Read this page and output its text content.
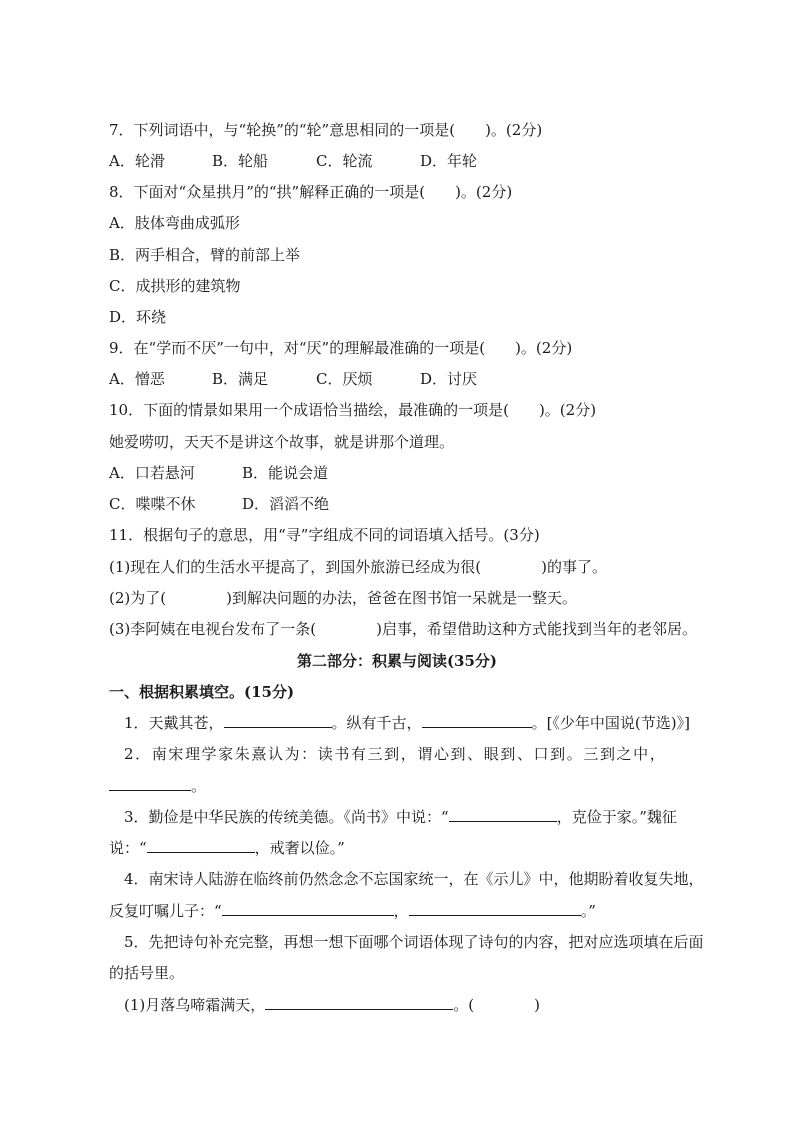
7．下列词语中，与“轮换”的“轮”意思相同的一项是(　　)。(2分)
A．轮滑	B．轮船	C．轮流	D．年轮
8．下面对“众星拱月”的“拱”解释正确的一项是(　　)。(2分)
A．肢体弯曲成弧形
B．两手相合，臂的前部上举
C．成拱形的建筑物
D．环绕
9．在“学而不厌”一句中，对“厌”的理解最准确的一项是(　　)。(2分)
A．憎恶	B．满足	C．厌烦	D．讨厌
10．下面的情景如果用一个成语恰当描绘，最准确的一项是(　　)。(2分)
她爱唠叨，天天不是讲这个故事，就是讲那个道理。
A．口若悬河	B．能说会道
C．喋喋不休	D．滔滔不绝
11．根据句子的意思，用“寻”字组成不同的词语填入括号。(3分)
(1)现在人们的生活水平提高了，到国外旅游已经成为很(　　　　)的事了。
(2)为了(　　　　)到解决问题的办法，爸爸在图书馆一呆就是一整天。
(3)李阿姨在电视台发布了一条(　　　　)启事，希望借助这种方式能找到当年的老邻居。
第二部分：积累与阅读(35分)
一、根据积累填空。(15分)
1．天戴其苍，	。纵有千古，	。[《少年中国说(节选)》]
2．南宋理学家朱熹认为：读书有三到，谓心到、眼到、口到。三到之中，
。
3．勤俭是中华民族的传统美德。《尚书》中说：“	，克俭于家。”魏征
说：“	，戒奢以俭。”
4．南宋诗人陆游在临终前仍然念念不忘国家统一，在《示儿》中，他期盼着收复失地，
反复叮嘱儿子：“	，	。”
5．先把诗句补充完整，再想一想下面哪个词语体现了诗句的内容，把对应选项填在后面
的括号里。
(1)月落乌啼霜满天，	。(　　　　)
